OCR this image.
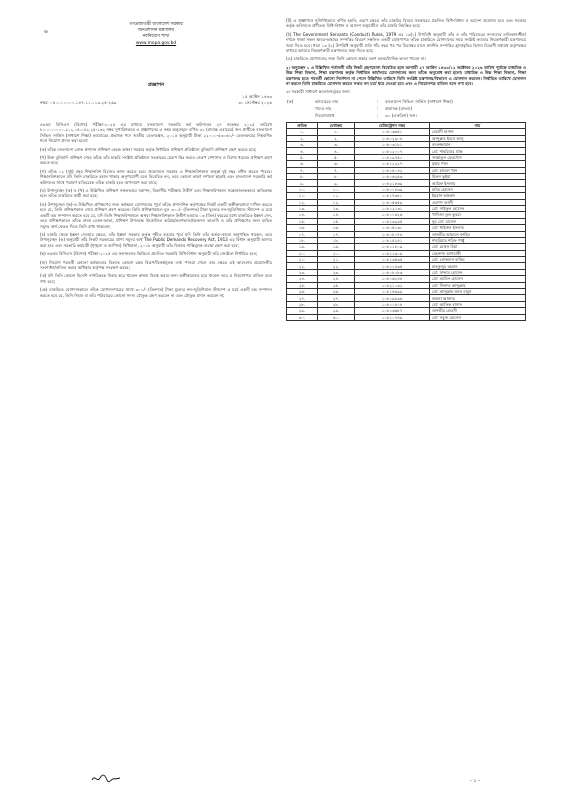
৬
গণপ্রজাতন্ত্রী বাংলাদেশ সরকার
জনপ্রশাসন মন্ত্রণালয়
নবনিয়োগ শাখা
www.mopa.gov.bd
প্রজ্ঞাপন
১৫ আশ্বিন ১৪৩৩
নম্বর: ০৫.০০.০০০০.১৪৭.১১.০১৩.২৫-২৬৯	৩০ সেপ্টেম্বর ২০২৬

৪৬তম বিসিএস (বিশেষ) পরীক্ষা-২০২৫ এর মাধ্যমে বাংলাদেশ সরকারি কর্ম কমিশনের ২৭ নভেম্বর ২০২৫ তারিখে ৮০.০০.০০০০.২০২.০৫.০৪২.২৫-১৬২ নম্বর সুপারিশক্রমে এ প্রজ্ঞাপনের এ নম্বর অনুচ্ছেদে বর্ণিত ৩১ (মাঘাম্ত এবারের) জন প্রার্থীকে বাংলাদেশ সিভিল সার্ভিস (সাধারণ শিক্ষা) ক্যাডারের প্রভাষক পদে জাতীয় বেতনস্কেল, ২০১৫ অনুযায়ী টাকা ২২০০০-৫৩০৬০/- বেতনক্রমের নিম্নবর্ণিত শর্তে নিয়োগ প্রদান করা হলো:

(ক) তাঁকে বাংলাদেশ লোক প্রশাসন প্রশিক্ষণ কেন্দ্রে অথবা সরকার কর্তৃক নির্ধারিত প্রশিক্ষণ প্রতিষ্ঠানে বুনিয়াদি প্রশিক্ষণ গ্রহণ করতে হবে;

(খ) উক্ত বুনিয়াদি প্রশিক্ষণ শেষে তাঁকে তাঁর চাকরি সংশ্লিষ্ট প্রতিষ্ঠানে সরকারের যেরূপ স্থির করবে সেরূপ পেশাগত ও বিশেষ ধরনের প্রশিক্ষণ গ্রহণ করতে হবে;

(গ) তাঁকে ০২ (দুই) বছর শিক্ষানবিশ হিসেবে কাজ করতে হবে। প্রয়োজনে সরকার এ শিক্ষানবিশকাল অনূর্ধ্ব দুই বছর বর্ধিত করতে পারবে। শিক্ষানবিশকালে যদি তিনি চাকরিতে বহাল থাকার অনুপযোগী বলে বিবেচিত হন, তবে কোনো কারণ দর্শানো ছাড়াই এবং বাংলাদেশ সরকারি কর্ম কমিশনের সাথে পরামর্শ ব্যতিরেকে তাঁকে চাকরি হতে অপসারণ করা যাবে;

(ঘ) উপানুচ্ছেদ (ক) ও (খ) এ উল্লিখিত প্রশিক্ষণ সফলভাবে সমাপন, বিভাগীয় পরীক্ষায় উত্তীর্ণ এবং শিক্ষানবিশকাল সন্তোষজনকভাবে অতিক্রান্ত হলে তাঁকে চাকরিতে স্থায়ী করা হবে;

(ঙ) উপানুচ্ছেদ (ক)-এ উল্লিখিত প্রশিক্ষণের জন্য কর্মস্থলে যোগদানের পূর্বে তাঁকে প্রশাসনিক কর্তৃপক্ষের নিকট একটি অঙ্গীকারনামা দাখিল করতে হবে যে, তিনি প্রশিক্ষণকাল শেষে প্রশিক্ষণ গ্রহণ করবেন। তিনি প্রশিক্ষণকালে মূল ৩০০/- (তিনশত) টাকা মূল্যের নন-জুডিশিয়াল স্ট্যাম্পে এ মর্মে একটি বন্ড সম্পাদন করতে হবে যে, যদি তিনি শিক্ষানবিশকালে অথবা শিক্ষানবিশকাল উত্তীর্ণ হওয়ার ০৩ (তিন) বছরের মধ্যে চাকরিতে ইস্তফা দেন, তবে প্রশিক্ষণকালে তাঁকে প্রদত্ত বেতন-ভাতা, প্রশিক্ষণ উপলক্ষে উত্তোলিত অগ্রিম/ভ্রমণভাতা/অন্যান্য ভাতাদি ও তাঁর প্রশিক্ষণের জন্য ব্যয়িত সমুদয় অর্থ ফেরত দিতে তিনি বাধ্য থাকবেন;

(চ) চাকরি থেকে ইস্তফা দেওয়ার ক্ষেত্রে, তাঁর ইস্তফা সরকার কর্তৃক গৃহীত হওয়ার পূর্বে যদি তিনি তাঁর কর্তব্য-কাজে অনুপস্থিত থাকেন, তবে উপানুচ্ছেদ (ঙ) অনুযায়ী তাঁর নিকট সরকারের প্রাপ্য সমুদয় অর্থ The Public Demands Recovery Act, 1913 এর বিধান অনুযায়ী আদায় করা হবে এবং সরকারি কর্মচারী (শৃঙ্খলা ও আপিল) বিধিমালা, ২০১৮ অনুযায়ী তাঁর বিরুদ্ধে শাস্তিমূলক ব্যবস্থা গ্রহণ করা হবে;

(ছ) ৪৬তম বিসিএস (বিশেষ) পরীক্ষা-২০২৫ এর ফলাফলের ভিত্তিতে প্রচলিত সরকারি বিধি-বিধান অনুযায়ী তাঁর জ্যেষ্ঠতা নির্ধারিত হবে;

(জ) নিয়োগ পরবর্তী কোনো কর্মকাণ্ডের বিরুদ্ধে কোনো রকম বিরূপ/বিতর্কমূলক তথ্য পাওয়া গেলে তার ক্ষেত্রে এই আদেশের প্রযোজনীয় সংশোধন/বাতিল করার অধিকার কর্তৃপক্ষ সংরক্ষণ করবে;

(ঝ) যদি তিনি কোনো বিদেশি নাগরিককে বিবাহ করে থাকেন অথবা বিবাহ করার জন্য অঙ্গীকারাবদ্ধ হয়ে থাকেন তবে এ নিয়োগপত্র বাতিল বলে গণ্য হবে;

(ঞ) চাকরিতে যোগদানকালে তাঁকে যোগদানপত্রের সাথে ৩০০/- (তিনশত) টাকা মূল্যের নন-জুডিশিয়াল স্ট্যাম্পে এ মর্মে একটি বন্ড সম্পাদন করতে হবে যে, তিনি নিজে বা তাঁর পরিবারের কোনো সদস্য যৌতুক গ্রহণ করবেন না এবং যৌতুক প্রদান করবেন না;

(ট) এ প্রজ্ঞাপনে সুনির্দিষ্টভাবে বর্ণিত হয়নি, এরূপ ক্ষেত্রে তাঁর চাকরির বিষয়ে সরকারের প্রচলিত বিধি-বিধান ও আদেশ প্রযোজ্য হবে এবং সরকার কর্তৃক ভবিষ্যতে প্রণীতব্য বিধি-বিধান ও আদেশ অনুযায়ীও তাঁর চাকরি নিয়ন্ত্রিত হবে;

(ঠ) The Government Servants (Conduct) Rules, 1979 এর ১৩(১) উপবিধি অনুযায়ী তাঁর ও তাঁর পরিবারের সদস্যদের মালিকানাধীন/দখলে থাকা সকল স্থাবর-অস্থাবর সম্পত্তির বিবরণ সম্বলিত একটি ঘোষণাপত্র তাঁকে চাকরিতে যোগদানের সময় সংশ্লিষ্ট ক্যাডার নিয়ন্ত্রণকারী মন্ত্রণালয়ে জমা দিতে হবে। ধারা ১৩ (২) উপবিধি অনুযায়ী প্রতি পাঁচ বছর পর পর ডিসেম্বর মাসে প্রদর্শিত সম্পত্তির হ্রাস/বৃদ্ধির হিসাব বিবরণী যথাযথ কর্তৃপক্ষের মাধ্যমে ক্যাডার নিয়ন্ত্রণকারী মন্ত্রণালয়ে জমা দিতে হবে;

(ড) চাকরিতে যোগদানের জন্য তিনি কোনো প্রকার ভ্রমণ ভাতা/দৈনিক ভাতা পাবেন না।

২। অনুচ্ছেদ ১ এ উল্লিখিত শর্তাবলী তাঁর নিকট গ্রহণযোগ্য বিবেচিত হলে আগামী ২৭ আশ্বিন ১৪৩৩/১২ অক্টোবর ২০২৬ তারিখ পূর্বাহ্নে মাধ্যমিক ও উচ্চ শিক্ষা বিভাগ, শিক্ষা মন্ত্রণালয় কর্তৃক নির্ধারিত কার্যালয়ে যোগদানের জন্য তাঁকে অনুরোধ করা হলো। মাধ্যমিক ও উচ্চ শিক্ষা বিভাগ, শিক্ষা মন্ত্রণালয় হতে পরবর্তী কোনো নির্দেশনা না পেলে উল্লিখিত তারিখে তিনি সংশ্লিষ্ট মন্ত্রণালয়/বিভাগে এ যোগদান করবেন। নির্ধারিত তারিখে যোগদান না করলে তিনি চাকরিতে যোগদান করতে সম্মত নন মর্মে ধরে নেওয়া হবে এবং এ নিয়োগপত্র বাতিল বলে গণ্য হবে।

৩। সরকারী সাধারণ কলেজসমূহের জন্য:

(ক)	ক্যাডারের নাম	:	বাংলাদেশ সিভিল সার্ভিস (সাধারণ শিক্ষা)
	পদের নাম	:	প্রভাষক (বাংলা)
	নিয়োগপ্রাপ্ত	:	৩১ (একত্রিশ) জন।
ক্রমিক	মেধাক্রম	রেজিস্ট্রেশন নম্বর	নাম
১.	১.	১০৮০৩৬৫১	মেহেদী হাসান
২.	২.	১০৮০২৯০৪	আব্দুল্লাহ ইবনে আনু
৩.	৩.	১০৮০৩১৮১	বদরুজ্জামান
৪.	৪.	১০৮১২০০৭	মো: শাহরিয়ার প্রান্ত
৫.	৫.	১০৮১৯৭৫০	জান্নাতুল ফেরদৌস
৬.	৬.	১০৮১২২২৭	মৃন্ময় পাল
৭.	৭.	১০৮১৫০৪২	মো: হাবেল খান
৮.	৮.	১০৮০৬২৫৩	মিলন ভূইয়া
৯.	৯.	১০৮২১৮৬৯	আরিফ ইসলাম
১০.	১০.	১০৮০১৪৩৯	মনির হোসেন
১১.	১১.	১০৮১৭৩৮১	ইমরান আহম্মদ
১২.	১২.	১০৮০৫৩৫৯	এরশাদ আলী
১৩.	১৩.	১০৮১২১৩১	মো: সাইফুল হোসেন
১৪.	১৪.	১০৮০১৫২৬	খাদিজা তুল কুবরা
১৫.	১৫.	১০৮১৩২৯৫	নুর মো: রাসেল
১৬.	১৬.	১০৮০৫১৩০	মো: খাইরুল ইসলাম
১৭.	১৭.	১০৮০৮০৭৪	তানভীর আহমেদ ফাহিম
১৮.	১৮.	১০৮১৫২৪১	শাহরিয়ার শরিফ পাপ্পু
১৯.	১৯.	১০৮১১৮০৯	মো: মোহন মিয়া
২০.	২০.	১০৮১১৩০৯	মেহনাজ আশরাফী
২১.	২১.	১০৮১৩৫৩৫	মো: লোকমান হাকিম
২২.	২২.	১০৮১১৪৩৫	মাহফুজুর রহমান
২৩.	২৩.	১০৮০৮০৮৩	মো: সাদ্দাম হোসেন
২৪.	২৪.	১০৮০৬২৪৪	মো: আমিন হোসেন
২৫.	২৫.	১০৮২১০৩২	মো: সিফাত আব্দুল্লাহ
২৬.	২৬.	১০৮১৪৬৯৯	মো: আব্দুল্লাহ আল মামুন
২৭.	২৭.	১০৮১৯৮৯৬	কামনা আক্তার
২৮.	২৮.	১০৮০১৪০৪	মো: আতিক হাসান
২৯.	২৯.	১০৮১৩৬৮৭	তানভীর মেহেদী
৩০.	৩০.	১০৮১০৭৪৯	মো: সবুজ হোসেন
- ১ -
